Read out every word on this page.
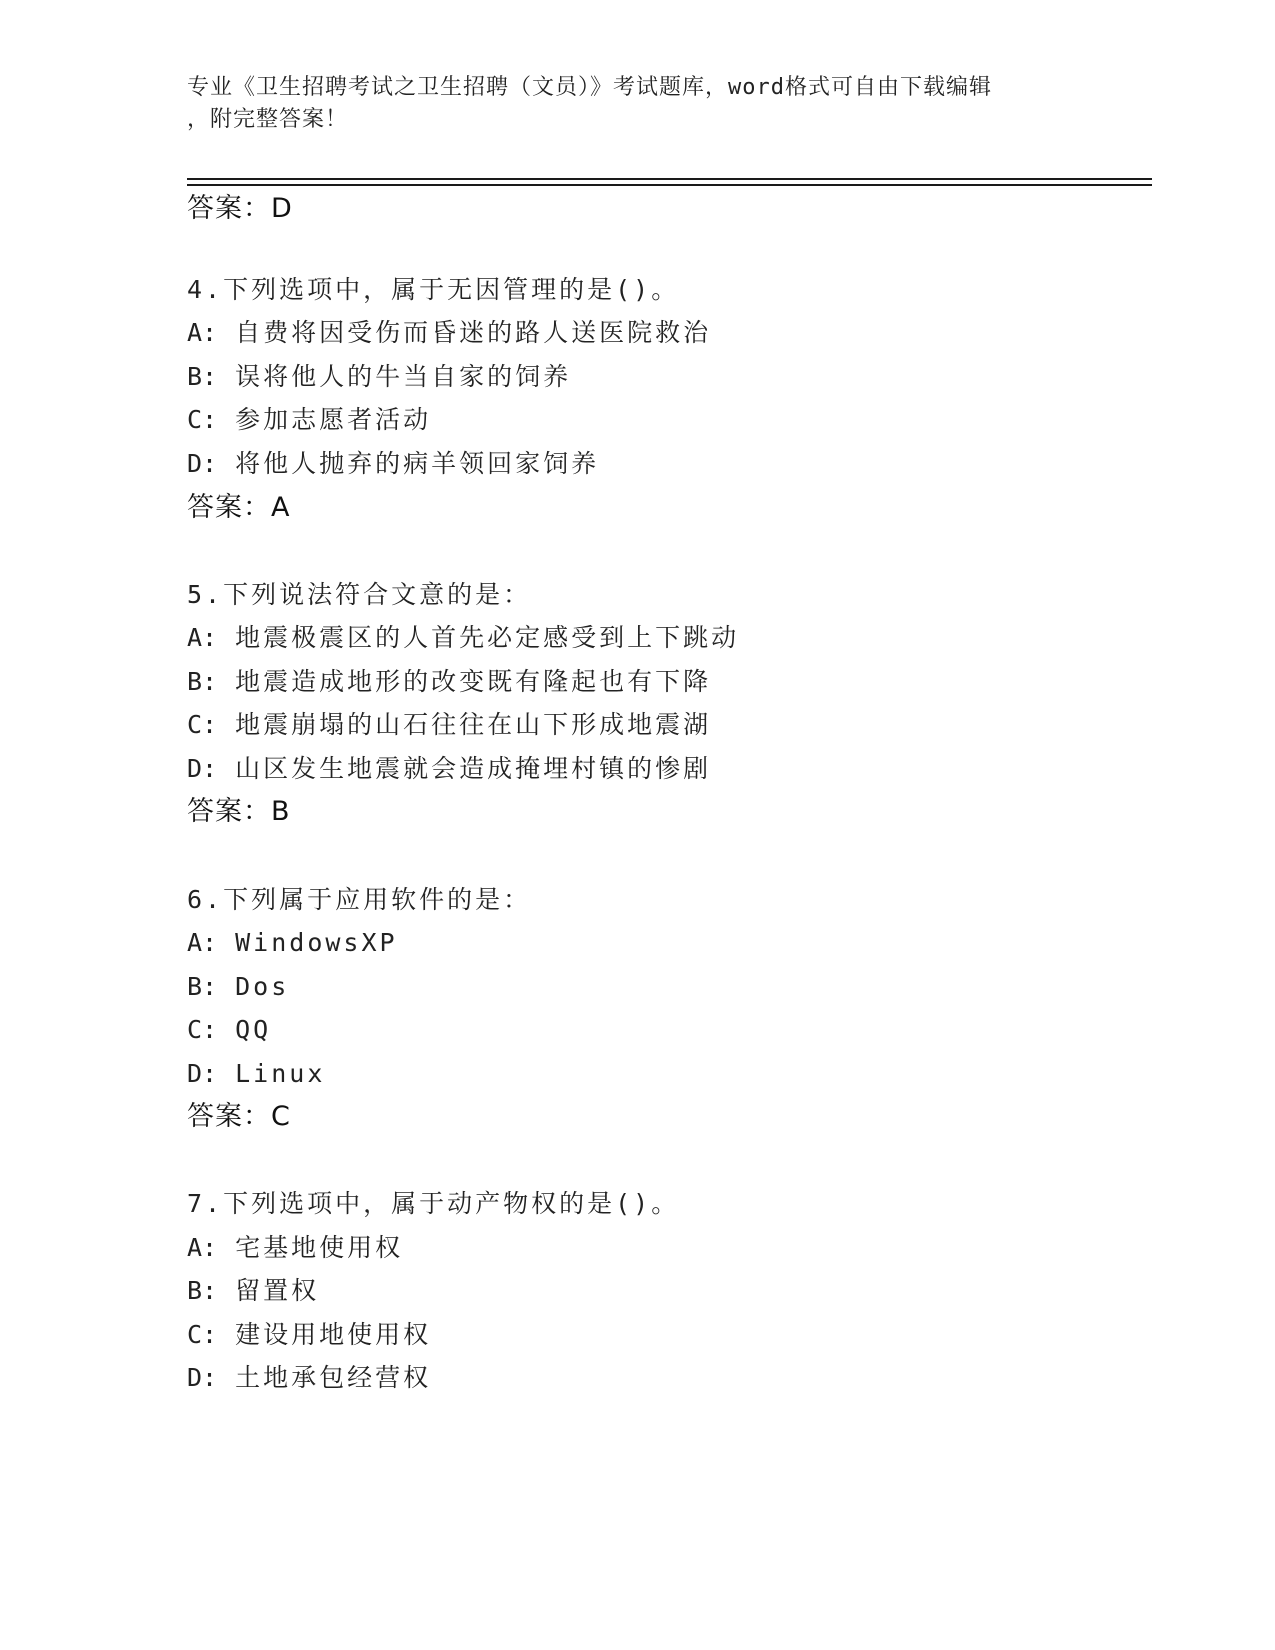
专业《卫生招聘考试之卫生招聘（文员）》考试题库，word格式可自由下载编辑
，附完整答案！
答案：D
4.下列选项中，属于无因管理的是()。
A: 自费将因受伤而昏迷的路人送医院救治
B: 误将他人的牛当自家的饲养
C: 参加志愿者活动
D: 将他人抛弃的病羊领回家饲养
答案：A
5.下列说法符合文意的是：
A: 地震极震区的人首先必定感受到上下跳动
B: 地震造成地形的改变既有隆起也有下降
C: 地震崩塌的山石往往在山下形成地震湖
D: 山区发生地震就会造成掩埋村镇的惨剧
答案：B
6.下列属于应用软件的是：
A: WindowsXP
B: Dos
C: QQ
D: Linux
答案：C
7.下列选项中，属于动产物权的是()。
A: 宅基地使用权
B: 留置权
C: 建设用地使用权
D: 土地承包经营权
